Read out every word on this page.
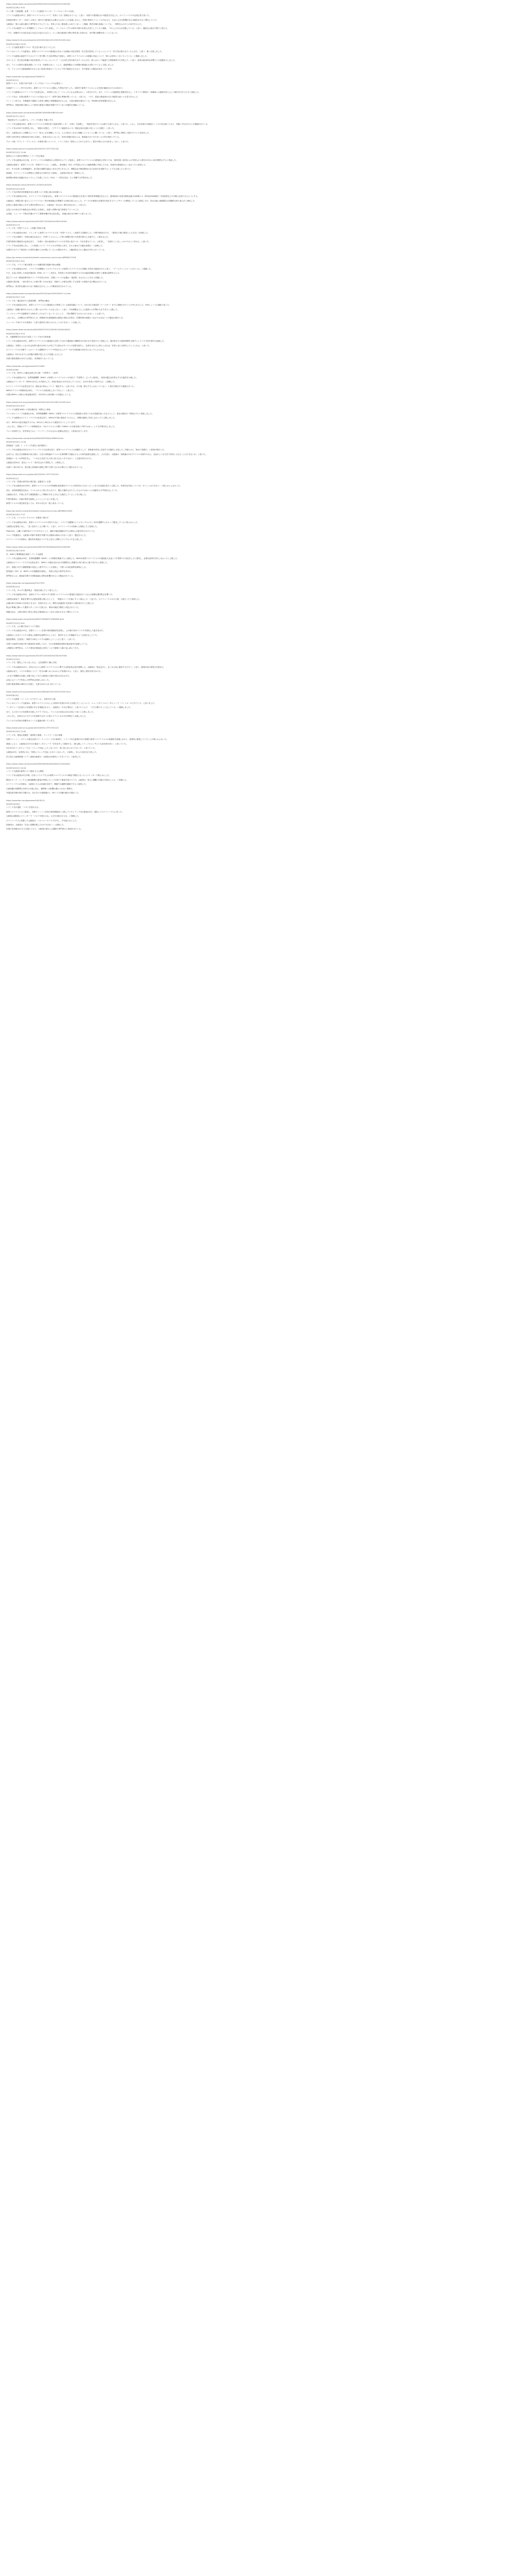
https://www.nikkei.com/article/DGXMZO56310420Q0A220C2000000/
2020年2月26日 9:25
ウェブ版「日経新聞」記事 「トランプ大統領 アメリカ・インフルエンザへの対応」
トランプ大統領は25日、新型コロナウイルスについて「非常にうまく管理されている」と述べ、米国での感染拡大の可能性を否定した。ホワイトハウスの記者会見で語った。
米疾病対策センター（CDC）は同日、国内での感染拡大は避けられないとの見通しを示し、学校の休校やイベントの中止など、生活に大きな影響が出る可能性があると警告していた。
大統領は「我々は最も優れた専門家をそろえている。非常に少ない感染者しか出ていない」と強調。株式市場の急落についても、一時的なものだとの見方を示した。
トランプ氏は新型コロナを季節性インフルエンザと比較し、インフルエンザでは毎年多数の米国人が死亡していると指摘。「ほとんどの人が回復している」と述べ、過度な心配は不要だと訴えた。
一方で、政権内では対応を巡る足並みの乱れも目立つ。ペンス副大統領が対策の責任者に任命され、省庁間の調整を担うことになった。
https://www3.nhk.or.jp/news/html/20200228/k10012305521000.html
2020年2月28日 19:51
トランプ大統領 新型ウイルス「民主党の新たなでっち上げ」
アメリカのトランプ大統領は、新型コロナウイルスの感染拡大をめぐる政権の対応を野党・民主党が批判していることについて「民主党の新たなでっち上げだ」と述べ、強く反発しました。
トランプ大統領は南部サウスカロライナ州で開いた支持者集会で演説し、新型コロナウイルスへの政権の対応について「我々は非常にうまくやっている」と強調しました。
そのうえで、民主党が政権の対応を批判していることについて「これは民主党の新たなでっち上げだ。彼らはロシア疑惑でも弾劾裁判でも失敗した」と述べ、批判は政治的な攻撃だとの認識を示しました。
また、アメリカ国内の感染者数については「比較的少ない」として、渡航制限などの措置が感染拡大を防いでいると主張しました。
一方、アメリカでは感染経路がわからない患者が西部カリフォルニア州で確認されるなど、市中感染への懸念が高まっています。
https://www.bbc.com/japanese/51666712
2020年3月1日
新型ウイルス、米国で初の死者 トランプ氏は「パニックの必要ない」
米西部ワシントン州で2月29日、新型コロナウイルスに感染した男性が死亡した。米国内で新型ウイルスによる死者が確認されたのは初めて。
トランプ大統領はホワイトハウスで記者会見し、米国民に対して「パニックになる必要はない」と呼びかけた。また、イランへの渡航禁止措置を拡大し、イタリアと韓国の一部地域への渡航を控えるよう勧告を引き上げると発表した。
トランプ氏は、米国は新型ウイルスへの対応において「世界で最も準備が整っている」と述べた。一方で、追加の感染者が出る可能性は高いとの見方を示した。
ワシントン州では、介護施設で複数の入居者と職員に呼吸器症状がみられ、当局が調査を進めている。州知事は非常事態を宣言した。
専門家は、検査体制の遅れにより国内の感染の実態が把握できていない可能性を指摘している。
https://www.asahi.com/articles/ASN3674DVN36UHBI018.html
2020年3月7日 10:12
「検査受けたい人は誰でも」トランプ氏発言 実態とずれ
トランプ米大統領は6日、新型コロナウイルス対策を担う疾病対策センター（CDC）を訪問し、「検査を受けたい人は誰でも受けられる」と述べた。しかし、全米各地では検査キットの不足が続いており、実態とずれがあるとの指摘が出ている。
トランプ氏はCDCで記者団に対し、「検査は完璧だ。（ウクライナ疑惑をめぐる）電話会談の記録と同じように完璧だ」と語った。
また、大統領は自らの理解力について「私はこれを理解している。人々は私がこれほど理解していることに驚いている」と述べ、専門家に質問した際のやりとりを紹介した。
米国では6日時点で感染者が200人を超え、死者は14人となった。各州の保健当局からは、検査能力が十分でないとの声が相次いでいる。
クルーズ船「グランド・プリンセス」の乗客の扱いについて、トランプ氏は「船内にとどめておきたい。数字が増えるのは好ましくない」と述べた。
https://www.yomiuri.co.jp/world/20200312-OYT1T50118/
2020年3月12日 11:44
欧州からの入国30日間停止 トランプ氏が演説
トランプ米大統領は11日夜、ホワイトハウスの執務室から国民向けにテレビ演説し、新型コロナウイルスの感染拡大を防ぐため、英国を除く欧州からの外国人の入国を13日から30日間停止すると発表した。
大統領は演説で、新型ウイルスを「外国のウイルス」と表現し、欧州連合（EU）が中国などからの渡航制限に失敗したため、米国内の感染拡大につながったと批判した。
また、中小企業への低利融資や、給与税の減税を議会に求める考えを示した。保険会社が検査費用の自己負担分を免除することでも合意したと述べた。
演説後、ホワイトハウスは貨物は入国停止の対象外だと説明し、大統領の発言を一部修正した。
欧州側は事前の協議がなかったとして反発しており、EUは「一方的な決定」だと非難する声明を出した。
https://www.jiji.com/jc/article?k=2020031400245
2020年3月14日 8:03
トランプ氏が国家非常事態を宣言 新型コロナ対策に最大500億ドル
トランプ米大統領は13日、ホワイトハウスで記者会見し、新型コロナウイルスの感染拡大を受けて国家非常事態を宣言した。連邦政府の災害対策資金最大500億ドル（約5兆3000億円）を州政府などの対策に活用できるようにする。
大統領は、民間企業と協力してドライブスルー型の検査拠点を整備する計画も明らかにした。グーグルが検査の必要性を判定するウェブサイトを開発していると説明したが、同社は後に地域限定の試験的な取り組みだと補足した。
記者から検査の遅れに対する責任を問われると、大統領は「私は全く責任を負わない」と答えた。
会見には小売大手や検査会社の幹部らも同席し、政府と民間の協力体制をアピールした。
会見後、ニューヨーク株式市場のダウ工業株30種平均は急反発し、終値は前日比1985ドル高となった。
https://www.mainichi.jp/articles/20200317/k00/00m/030/014000c
2020年3月17日
トランプ氏「中国ウイルス」と投稿 中国が反発
トランプ米大統領は16日、ツイッターに新型コロナウイルスを「中国ウイルス」と表現する投稿をした。中国外務省は17日、「強烈な不満と断固とした反対」を表明した。
トランプ氏は投稿で「米国は航空会社など、中国ウイルスによって特に影響を受けた産業を強力に支援する」と書き込んだ。
中国外務省の報道官は記者会見で、「米国の一部の政治家はウイルスを中国と結びつけ、汚名を着せている」と批判し、「自国のことをしっかりやるよう求める」と述べた。
トランプ氏は記者団に対し、この表現について「ウイルスは中国から来た。だから極めて正確な表現だ」と説明した。
米国内ではアジア系住民への差別や嫌がらせが増えているとの報告があり、人権団体などから懸念の声が上がっている。
https://jp.reuters.com/article/health-coronavirus-usa-trump-idJPKBN2170FN
2020年3月20日 9:41
トランプ氏、マラリア薬の新型コロナ治療効果を強調 FDAは慎重
トランプ米大統領は19日、マラリアの治療薬ヒドロキシクロロキンが新型コロナウイルスの治療に有効な可能性があると述べ、「ゲームチェンジャーになりうる」と強調した。
ただ、会見に同席した食品医薬品局（FDA）のハーン長官は、有効性と安全性を確認するための臨床試験が必要だと慎重な姿勢を示した。
国立アレルギー感染症研究所のファウチ所長も20日、効果についての証拠は「逸話的」なものにとどまると指摘した。
大統領の発言後、一部の国ではこの薬の買い占めが起き、持病でこの薬を必要とする患者への供給不足が懸念されている。
専門家は、科学的な裏付けのない情報が広がることへの警戒を呼びかけている。
https://www.sankei.com/world/news/200325/wor2003250007-n1.html
2020年3月25日 7:02
トランプ氏「復活祭までに経済再開」 専門家は懸念
トランプ米大統領は24日、新型コロナウイルスの感染拡大で停滞している経済活動について、4月12日の復活祭（イースター）までに再開させたいとの考えを示した。FOXニュースの番組で語った。
大統領は「治療が病気そのものより悪いものであってはならない」と述べ、外出制限などによる経済への打撃が大きすぎると主張した。
インフルエンザや交通事故でも毎年多くの人が亡くなっているとして、「国を閉鎖するわけにはいかない」とも語った。
これに対し、公衆衛生の専門家からは、時期尚早な規制緩和は感染の再拡大を招き、医療体制の崩壊につながりかねないとの懸念が相次いだ。
ニューヨーク州のクオモ知事は「人命と経済を天秤にかけることはできない」と反論した。
https://www.nikkei.com/article/DGXMZO57451220R30C20A3000000/
2020年3月30日 9:15
米、行動制限を4月末まで延長 トランプ氏が方針転換
トランプ米大統領は29日、新型コロナウイルスの感染拡大を防ぐための行動指針の期限を4月30日まで延長すると発表した。復活祭までの経済再開を目指すとしていた方針を事実上転換した。
大統領は、対策をとらなければ米国で最大220万人が死亡する恐れがあったとの試算を紹介し、死者を10万人に抑えられれば「非常に良い仕事をしたことになる」と語った。
ホワイトハウスの対策チームのバークス調整官やファウチ所長が示したデータが方針転換の決め手になったとみられる。
大統領は、6月1日までには回復の道筋が見えるとの見通しも示した。
米国の感染者数は14万人を超え、世界最多となっている。
https://www.bbc.com/japanese/52214082
2020年4月8日
トランプ氏、WHOへの拠出金停止を示唆 「中国寄り」と批判
トランプ米大統領は7日、世界保健機関（WHO）が新型コロナウイルスへの対応で「中国寄り」だったと批判し、米国の拠出金を停止する可能性を示唆した。
大統領はツイッターで「WHOは本当に大失敗をした。米国が資金の大半を出しているのに、なぜか非常に中国中心だ」と投稿した。
ホワイトハウスでの記者会見では、拠出金の停止について「検討する」と述べたが、その後「停止するとは言っていない」と発言を修正する場面もあった。
WHOのテドロス事務局長は8日、「ウイルスを政治化しないでほしい」と訴えた。
米国はWHOへの最大の資金拠出国で、2019年には約4億ドルを拠出している。
https://www3.nhk.or.jp/news/html/20200415/k10012387221000.html
2020年4月15日 8:37
トランプ大統領 WHOへの資金拠出を一時停止と発表
アメリカのトランプ大統領は14日、世界保健機関（WHO）が新型コロナウイルスの感染拡大を防ぐための役割を怠ったなどとして、資金の拠出を一時停止すると発表しました。
トランプ大統領はホワイトハウスでの記者会見で、WHOが中国の発表をうのみにし、情報を適切に共有しなかったと主張しました。
また、WHOの対応を検証するため、60日から90日かけて調査を行うとしています。
これに対し、国連のグテーレス事務総長は「今はウイルスとの闘いでWHOへの支援を減らす時ではない」とする声明を出しました。
アメリカ国内でも、医学界などから「パンデミックのさなかに危険な決定だ」と批判が出ています。
https://www.asahi.com/articles/ASN4Q3R2SN4QUHBI003.html
2020年4月24日 11:20
消毒液を「注射」？ トランプ氏発言に批判相次ぐ
トランプ米大統領は23日のホワイトハウスでの記者会見で、新型コロナウイルスの治療法として、消毒液を体内に注射する可能性に言及した。医師らから「極めて危険だ」と批判が相次いだ。
会見では、国土安全保障省の担当者が、日光や消毒液がウイルスを短時間で死滅させるとの研究結果を説明した。これを受け、大統領は「消毒液が1分でウイルスを倒すのなら、注射のような方法で体内に入れることはできないか」と述べた。
消毒液メーカーは声明を出し、「いかなる状況でも人体に取り込むべきではない」と注意を呼びかけた。
大統領は翌24日、発言について「皮肉を込めて質問した」と釈明した。
米国の一部の州では、発言後に消毒液の誤飲に関する問い合わせが増えたと報告されている。
https://www.yomiuri.co.jp/world/20200501-OYT1T50142/
2020年5月1日
トランプ氏「武漢の研究所が発生源」証拠見たと主張
トランプ米大統領は4月30日、新型コロナウイルスが中国湖北省武漢市のウイルス研究所から広がったことを示す証拠を見たと主張した。具体的な内容については「言うことはできない」と明らかにしなかった。
同日、米国家情報長官室は、ウイルスが人工的に作られたり、遺伝子操作されたりしたものではないとの見解を示す声明を出していた。
大統領はまた、中国に対する報復措置として関税の引き上げなども検討していることを示唆した。
中国外務省は、米国が責任を転嫁しようとしていると反発した。
新型ウイルスの発生源を巡っては、米中の対立が一段と深まっている。
https://jp.reuters.com/article/health-coronavirus-trump-idJPKBN22U0D2
2020年5月19日 7:15
トランプ氏、ヒドロキシクロロキンを服用と明かす
トランプ米大統領は18日、新型コロナウイルスの予防のために、マラリア治療薬のヒドロキシクロロキンを約1週間半にわたって服用していると明らかにした。
大統領は記者団に対し、「良い話をたくさん聞いた」と述べ、ホワイトハウスの医師にも相談したと説明した。
FDAは4月、心臓への副作用のリスクがあるとして、病院や臨床試験以外での使用に注意を呼びかけていた。
ペロシ下院議長は、大統領の年齢や体重を考慮すれば服用は勧められないと述べ、懸念を示した。
ホワイトハウスの医師は、潜在的な利益がリスクを上回ると判断したとするメモを公表した。
https://www.nikkei.com/article/DGXMZO59763280Q0A530C2000000/
2020年5月30日 6:05
米、WHOと関係断絶を表明 トランプ大統領
トランプ米大統領は29日、世界保健機関（WHO）との関係を断絶すると表明した。WHOが新型コロナウイルスの感染拡大を巡って中国寄りの対応をしたと批判し、必要な改革を実行しなかったと主張した。
大統領はホワイトハウスでの記者会見で、WHOへの拠出金をほかの国際的な公衆衛生の取り組みに振り向けると説明した。
また、香港に対する優遇措置の見直しに着手することも発表し、中国への対抗姿勢を鮮明にした。
欧州連合（EU）は、WHOへの支援継続を表明し、米国に決定の再考を求めた。
専門家からは、感染症対策での国際協調に深刻な影響が出るとの懸念が出ている。
https://www.bbc.com/japanese/53127051
2020年6月21日
トランプ氏、タルサで選挙集会 「検査を減らすよう指示した」
トランプ米大統領は20日、南部オクラホマ州タルサで新型コロナウイルスの感染拡大後初めてとなる大規模な選挙集会を開いた。
大統領は演説で、検査を増やせば感染者数も増えるとして、「検査のペースを落とすよう指示した」と述べた。ホワイトハウスはその後、冗談だったと説明した。
会場は約1万9000人を収容できるが、空席が目立った。陣営は抗議者が支持者の入場を妨げたと主張した。
集会の準備に携わった選挙スタッフのうち数人が、事前の検査で陽性と判定されていた。
保健当局は、大勢が屋内に集まる集会が感染拡大につながる恐れがあると警告していた。
https://www.asahi.com/articles/ASN7C2SWXN7CUHBI00B.html
2020年7月12日 9:41
トランプ氏、公の場で初めてマスク着用
トランプ米大統領は11日、首都ワシントン近郊の軍医療施設を訪問し、公の場で初めてマスクを着用した姿を見せた。
大統領はこれまでマスクの着用に消極的な姿勢を示しており、着用する人々を揶揄するような発言もしていた。
施設訪問前、記者団に「病院では特にマスクは素晴らしいことだと思う」と語った。
米国では南部や西部の州で感染者が急増しており、1日の新規感染者数が過去最多を更新している。
公衆衛生の専門家は、マスク着用が感染拡大を防ぐうえで重要だと繰り返し訴えてきた。
https://www.mainichi.jp/articles/20200722/k00/00m/030/027000c
2020年7月22日
トランプ氏「悪化してから良くなる」 会見再開で口調に変化
トランプ米大統領は21日、約3カ月ぶりに新型コロナウイルスに関する定例記者会見を再開した。大統領は「残念ながら、良くなる前に悪化するだろう」と述べ、感染状況の深刻さを認めた。
大統領はまた、マスクの着用について「好きか嫌いかにかかわらず効果がある」と述べ、国民に着用を呼びかけた。
これまで楽観的な見通しを繰り返してきた大統領の口調の変化が注目された。
会見にはファウチ所長らの専門家は同席しなかった。
米国の感染者数は380万人を超え、死者は14万人を上回っている。
https://www3.nhk.or.jp/news/html/20200804/k10012550101000.html
2020年8月4日
トランプ大統領「コントロールできている」 死者15万人超
アメリカのトランプ大統領は、新型コロナウイルスによる国内の死者が15万人を超えたことについて、ニュースサイトのインタビューで「コントロールできている」と述べました。
インタビューで記者から死者数の多さを指摘されると、大統領は「それが現実だ」と述べたうえで、「できる限りのことをしている」と強調しました。
また、人口当たりの死者数を比較したグラフを示し、アメリカの状況はほかの国より良いと主張しました。
これに対し、記者は人口当たりの死者数では多くの国よりアメリカの方が深刻だと反論しました。
アメリカでは学校の再開をめぐっても議論が続いています。
https://www.yomiuri.co.jp/world/20200910-OYT1T50123/
2020年9月10日 11:02
トランプ氏、感染の危険性「意図的に軽視」 ウッドワード氏の著書
米紙ワシントン・ポストの著名記者ボブ・ウッドワード氏の新著で、トランプ米大統領が2月の段階で新型コロナウイルスの危険性を認識しながら、意図的に軽視していたことが明らかになった。
著書によると、大統領は2月7日の電話インタビューで「空気を介して感染する」「最も激しいインフルエンザよりも致死率が高い」と語っていた。
3月19日のインタビューでは「パニックを起こしたくないので、常に控えめに言いたかった」と述べていた。
大統領は9日、記者団に対し「国民にパニックを起こさせたくなかった」と説明し、自らの対応を正当化した。
民主党の大統領候補バイデン前副大統領は「大統領は米国民にうそをついた」と批判した。
https://www.nikkei.com/article/DGXMZO64561850S0A001C2000000/
2020年10月2日 14:10
トランプ大統領が新型コロナ感染 夫人も陽性
トランプ米大統領は2日未明、自身とメラニア夫人が新型コロナウイルスの検査で陽性になったとツイッターで明らかにした。
側近のホープ・ヒックス大統領顧問の感染が判明したことを受けて検査を受けていた。大統領は「直ちに隔離と回復の手続きに入る」と投稿した。
ホワイトハウスの医師は、大統領と夫人は体調が良好で、療養中も職務を継続できると説明した。
大統領選の投開票日を約1カ月後に控え、選挙戦への影響は避けられない情勢だ。
外国為替市場や株式市場では、先行きの不透明感から一時リスク回避の動きが強まった。
https://www.bbc.com/japanese/54428112
2020年10月6日
トランプ氏が退院 「コロナを恐れるな」
新型コロナウイルスに感染し、首都ワシントン近郊の軍医療施設に入院していたトランプ米大統領は5日、退院してホワイトハウスに戻った。
大統領は退院前にツイッターで「コロナを恐れるな。人生を支配させるな」と投稿した。
ホワイトハウスに到着した大統領は、バルコニーでマスクを外し、手を振るなどした。
医師団は、大統領は「完全に危機を脱したわけではない」と説明した。
米国の死者数は21万人を超えており、大統領の発言には遺族や専門家から批判が出ている。
